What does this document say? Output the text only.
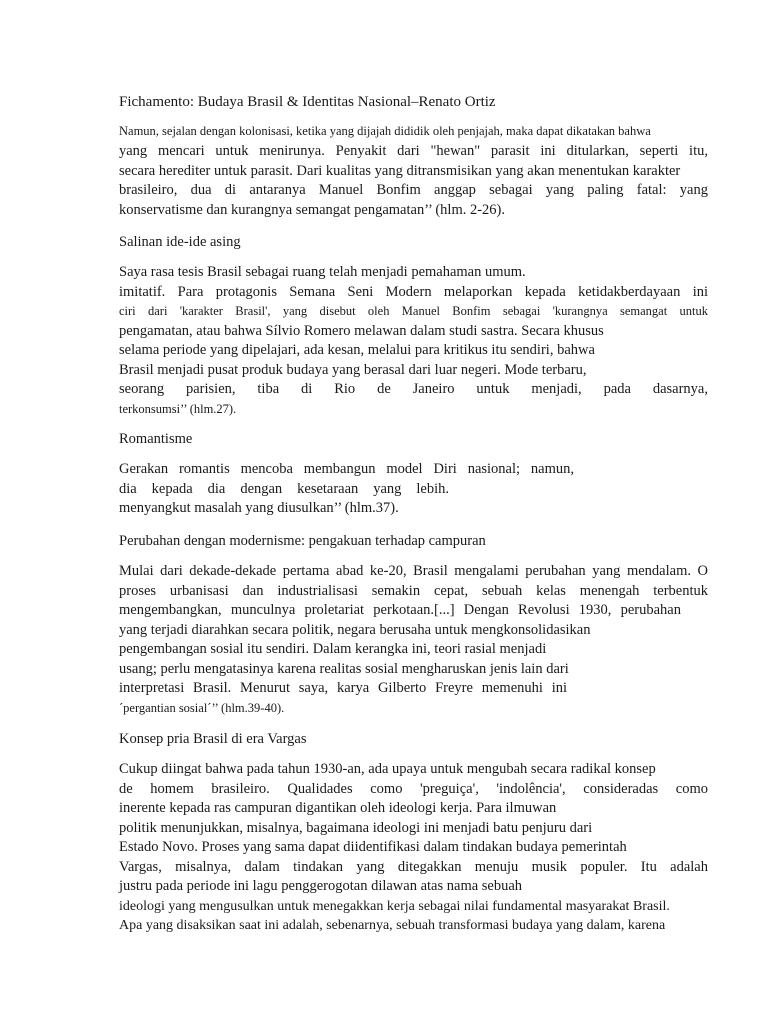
Fichamento: Budaya Brasil & Identitas Nasional–Renato Ortiz
Namun, sejalan dengan kolonisasi, ketika yang dijajah dididik oleh penjajah, maka dapat dikatakan bahwa
yang mencari untuk menirunya. Penyakit dari "hewan" parasit ini ditularkan, seperti itu,
secara herediter untuk parasit. Dari kualitas yang ditransmisikan yang akan menentukan karakter
brasileiro, dua di antaranya Manuel Bonfim anggap sebagai yang paling fatal: yang
konservatisme dan kurangnya semangat pengamatan’’ (hlm. 2-26).
Salinan ide-ide asing
Saya rasa tesis Brasil sebagai ruang telah menjadi pemahaman umum.
imitatif. Para protagonis Semana Seni Modern melaporkan kepada ketidakberdayaan ini
ciri dari 'karakter Brasil', yang disebut oleh Manuel Bonfim sebagai 'kurangnya semangat untuk
pengamatan, atau bahwa Sílvio Romero melawan dalam studi sastra. Secara khusus
selama periode yang dipelajari, ada kesan, melalui para kritikus itu sendiri, bahwa
Brasil menjadi pusat produk budaya yang berasal dari luar negeri. Mode terbaru,
seorang parisien, tiba di Rio de Janeiro untuk menjadi, pada dasarnya,
terkonsumsi’’ (hlm.27).
Romantisme
Gerakan romantis mencoba membangun model Diri nasional; namun,
dia kepada dia dengan kesetaraan yang lebih.
menyangkut masalah yang diusulkan’’ (hlm.37).
Perubahan dengan modernisme: pengakuan terhadap campuran
Mulai dari dekade-dekade pertama abad ke-20, Brasil mengalami perubahan yang mendalam. O
proses urbanisasi dan industrialisasi semakin cepat, sebuah kelas menengah terbentuk
mengembangkan, munculnya proletariat perkotaan.[...] Dengan Revolusi 1930, perubahan
yang terjadi diarahkan secara politik, negara berusaha untuk mengkonsolidasikan
pengembangan sosial itu sendiri. Dalam kerangka ini, teori rasial menjadi
usang; perlu mengatasinya karena realitas sosial mengharuskan jenis lain dari
interpretasi Brasil. Menurut saya, karya Gilberto Freyre memenuhi ini
´pergantian sosial´’’ (hlm.39-40).
Konsep pria Brasil di era Vargas
Cukup diingat bahwa pada tahun 1930-an, ada upaya untuk mengubah secara radikal konsep
de homem brasileiro. Qualidades como 'preguiça', 'indolência', consideradas como
inerente kepada ras campuran digantikan oleh ideologi kerja. Para ilmuwan
politik menunjukkan, misalnya, bagaimana ideologi ini menjadi batu penjuru dari
Estado Novo. Proses yang sama dapat diidentifikasi dalam tindakan budaya pemerintah
Vargas, misalnya, dalam tindakan yang ditegakkan menuju musik populer. Itu adalah
justru pada periode ini lagu penggerogotan dilawan atas nama sebuah
ideologi yang mengusulkan untuk menegakkan kerja sebagai nilai fundamental masyarakat Brasil.
Apa yang disaksikan saat ini adalah, sebenarnya, sebuah transformasi budaya yang dalam, karena
